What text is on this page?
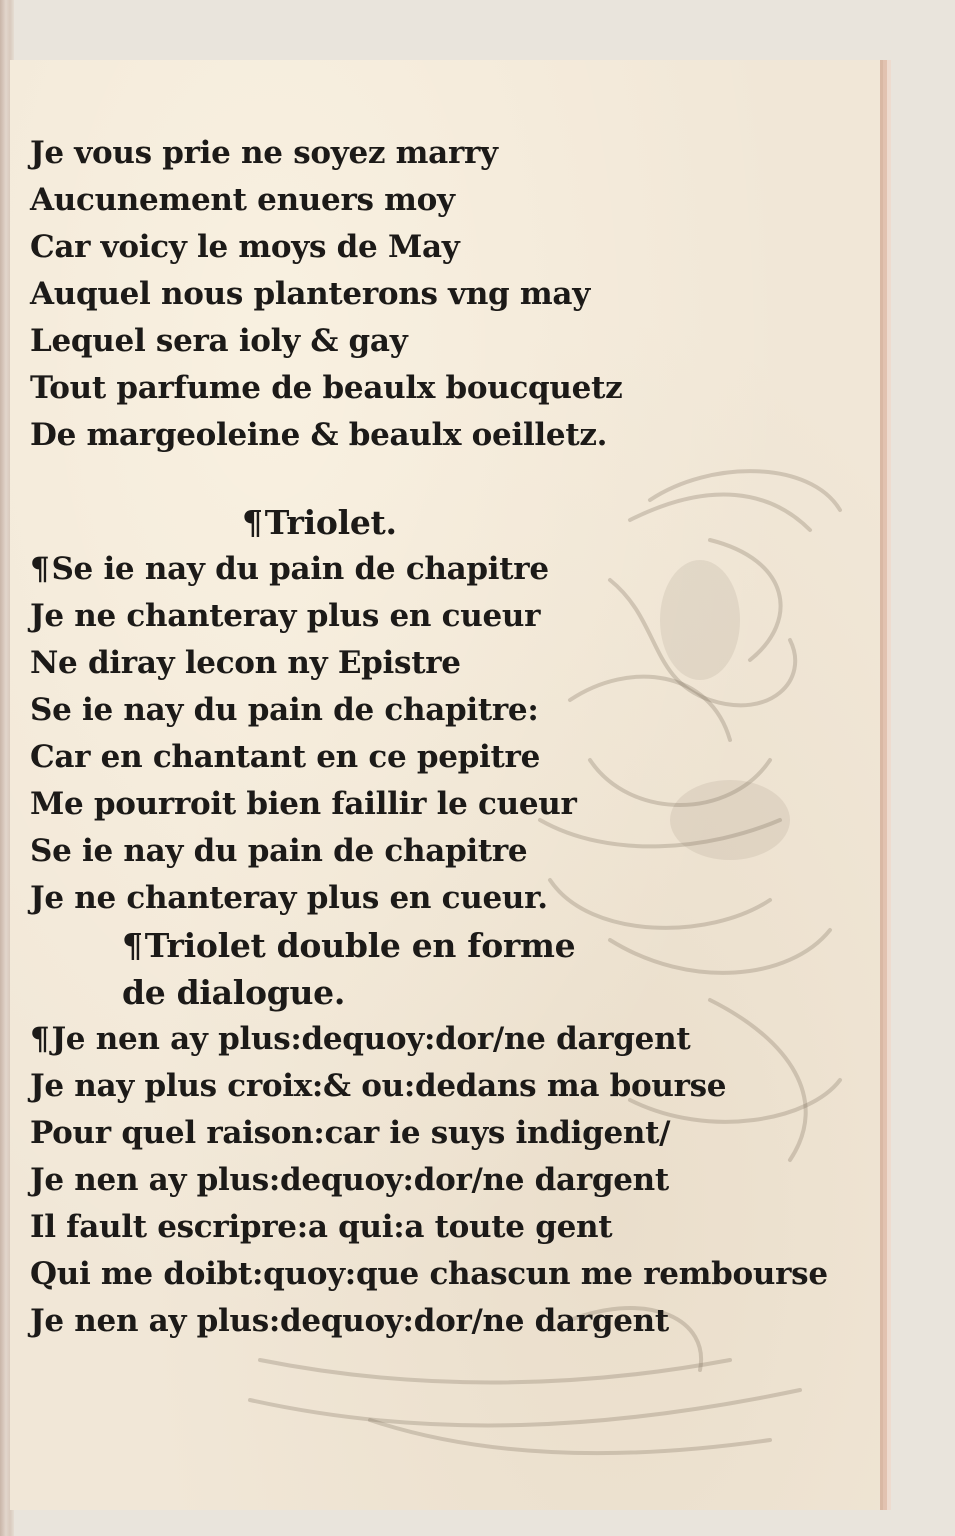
Je vous prie ne soyez marry
Aucunement enuers moy
Car voicy le moys de May
Auquel nous planterons vng may
Lequel sera ioly & gay
Tout parfume de beaulx boucquetz
De margeoleine & beaulx oeilletz.
¶Triolet.
¶Se ie nay du pain de chapitre
Je ne chanteray plus en cueur
Ne diray lecon ny Epistre
Se ie nay du pain de chapitre:
Car en chantant en ce pepitre
Me pourroit bien faillir le cueur
Se ie nay du pain de chapitre
Je ne chanteray plus en cueur.
¶Triolet double en forme
de dialogue.
¶Je nen ay plus:dequoy:dor/ne dargent
Je nay plus croix:& ou:dedans ma bourse
Pour quel raison:car ie suys indigent/
Je nen ay plus:dequoy:dor/ne dargent
Il fault escripre:a qui:a toute gent
Qui me doibt:quoy:que chascun me rembourse
Je nen ay plus:dequoy:dor/ne dargent
